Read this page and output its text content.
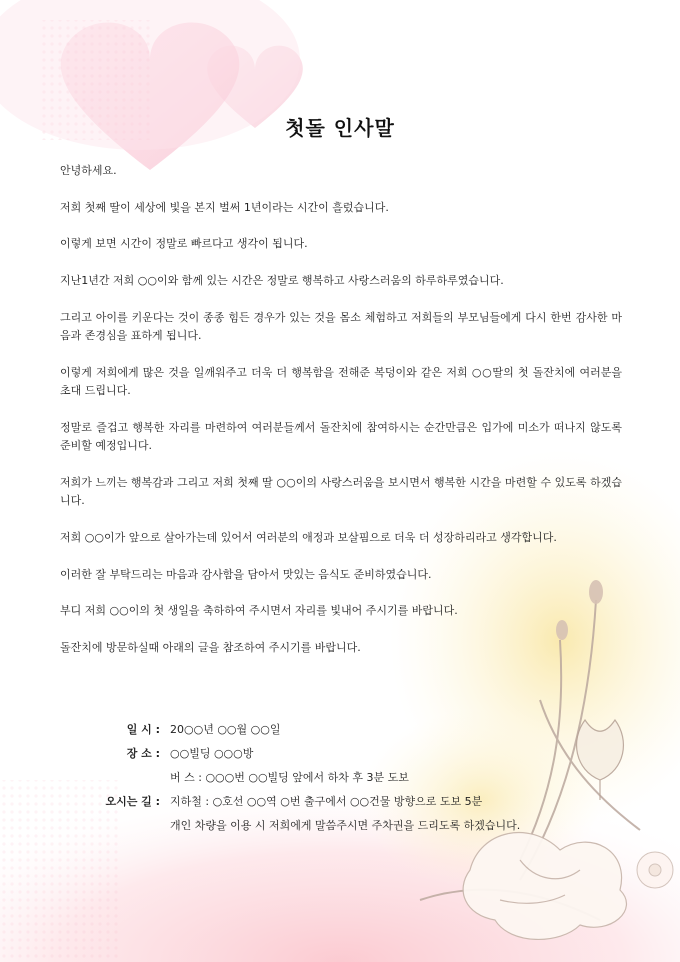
첫돌 인사말
안녕하세요.
저희 첫째 딸이 세상에 빛을 본지 벌써 1년이라는 시간이 흘렀습니다.
이렇게 보면 시간이 정말로 빠르다고 생각이 됩니다.
지난1년간 저희 ○○이와 함께 있는 시간은 정말로 행복하고 사랑스러움의 하루하루였습니다.
그리고 아이를 키운다는 것이 종종 힘든 경우가 있는 것을 몸소 체험하고 저희들의 부모님들에게 다시 한번 감사한 마음과 존경심을 표하게 됩니다.
이렇게 저희에게 많은 것을 일깨워주고 더욱 더 행복함을 전해준 복덩이와 같은 저희 ○○딸의 첫 돌잔치에 여러분을 초대 드립니다.
정말로 즐겁고 행복한 자리를 마련하여 여러분들께서 돌잔치에 참여하시는 순간만큼은 입가에 미소가 떠나지 않도록 준비할 예정입니다.
저희가 느끼는 행복감과 그리고 저희 첫째 딸 ○○이의 사랑스러움을 보시면서 행복한 시간을 마련할 수 있도록 하겠습니다.
저희 ○○이가 앞으로 살아가는데 있어서 여러분의 애정과 보살핌으로 더욱 더 성장하리라고 생각합니다.
이러한 잘 부탁드리는 마음과 감사함을 담아서 맛있는 음식도 준비하였습니다.
부디 저희 ○○이의 첫 생일을 축하하여 주시면서 자리를 빛내어 주시기를 바랍니다.
돌잔치에 방문하실때 아래의 글을 참조하여 주시기를 바랍니다.
일 시 : 20○○년 ○○월 ○○일
장 소 : ○○빌딩 ○○○방
버 스 : ○○○번 ○○빌딩 앞에서 하차 후 3분 도보
오시는 길 : 지하철 : ○호선 ○○역 ○번 출구에서 ○○건물 방향으로 도보 5분
개인 차량을 이용 시 저희에게 말씀주시면 주차권을 드리도록 하겠습니다.
